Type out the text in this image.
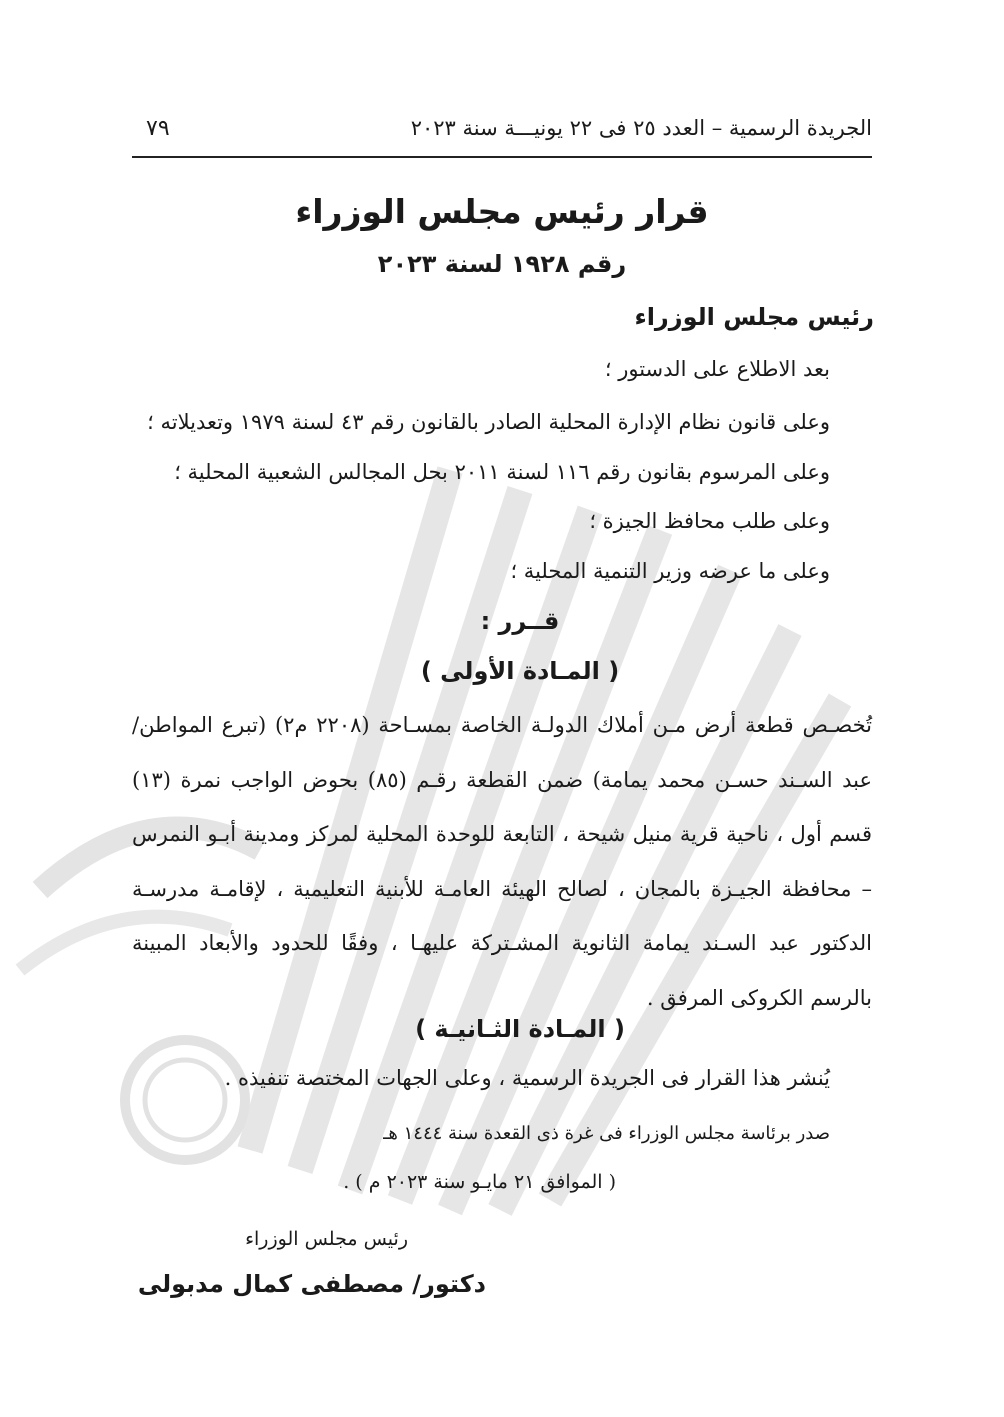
الجريدة الرسمية – العدد ٢٥ فى ٢٢ يونيـــة سنة ٢٠٢٣
٧٩
قرار رئيس مجلس الوزراء
رقم ١٩٢٨ لسنة ٢٠٢٣
رئيس مجلس الوزراء
بعد الاطلاع على الدستور ؛
وعلى قانون نظام الإدارة المحلية الصادر بالقانون رقم ٤٣ لسنة ١٩٧٩ وتعديلاته ؛
وعلى المرسوم بقانون رقم ١١٦ لسنة ٢٠١١ بحل المجالس الشعبية المحلية ؛
وعلى طلب محافظ الجيزة ؛
وعلى ما عرضه وزير التنمية المحلية ؛
قــرر :
( المـادة الأولى )
تُخصـص قطعة أرض مـن أملاك الدولـة الخاصة بمسـاحة (٢٢٠٨ م٢) (تبرع المواطن/ عبد السـند حسـن محمد يمامة) ضمن القطعة رقـم (٨٥) بحوض الواجب نمرة (١٣) قسم أول ، ناحية قرية منيل شيحة ، التابعة للوحدة المحلية لمركز ومدينة أبـو النمرس – محافظة الجيـزة بالمجان ، لصالح الهيئة العامـة للأبنية التعليمية ، لإقامـة مدرسـة الدكتور عبد السـند يمامة الثانوية المشـتركة عليهـا ، وفقًا للحدود والأبعاد المبينة بالرسم الكروكى المرفق .
( المـادة الثـانيـة )
يُنشر هذا القرار فى الجريدة الرسمية ، وعلى الجهات المختصة تنفيذه .
صدر برئاسة مجلس الوزراء فى غرة ذى القعدة سنة ١٤٤٤ هـ
( الموافق ٢١ مايـو سنة ٢٠٢٣ م ) .
رئيس مجلس الوزراء
دكتور/ مصطفى كمال مدبولى
